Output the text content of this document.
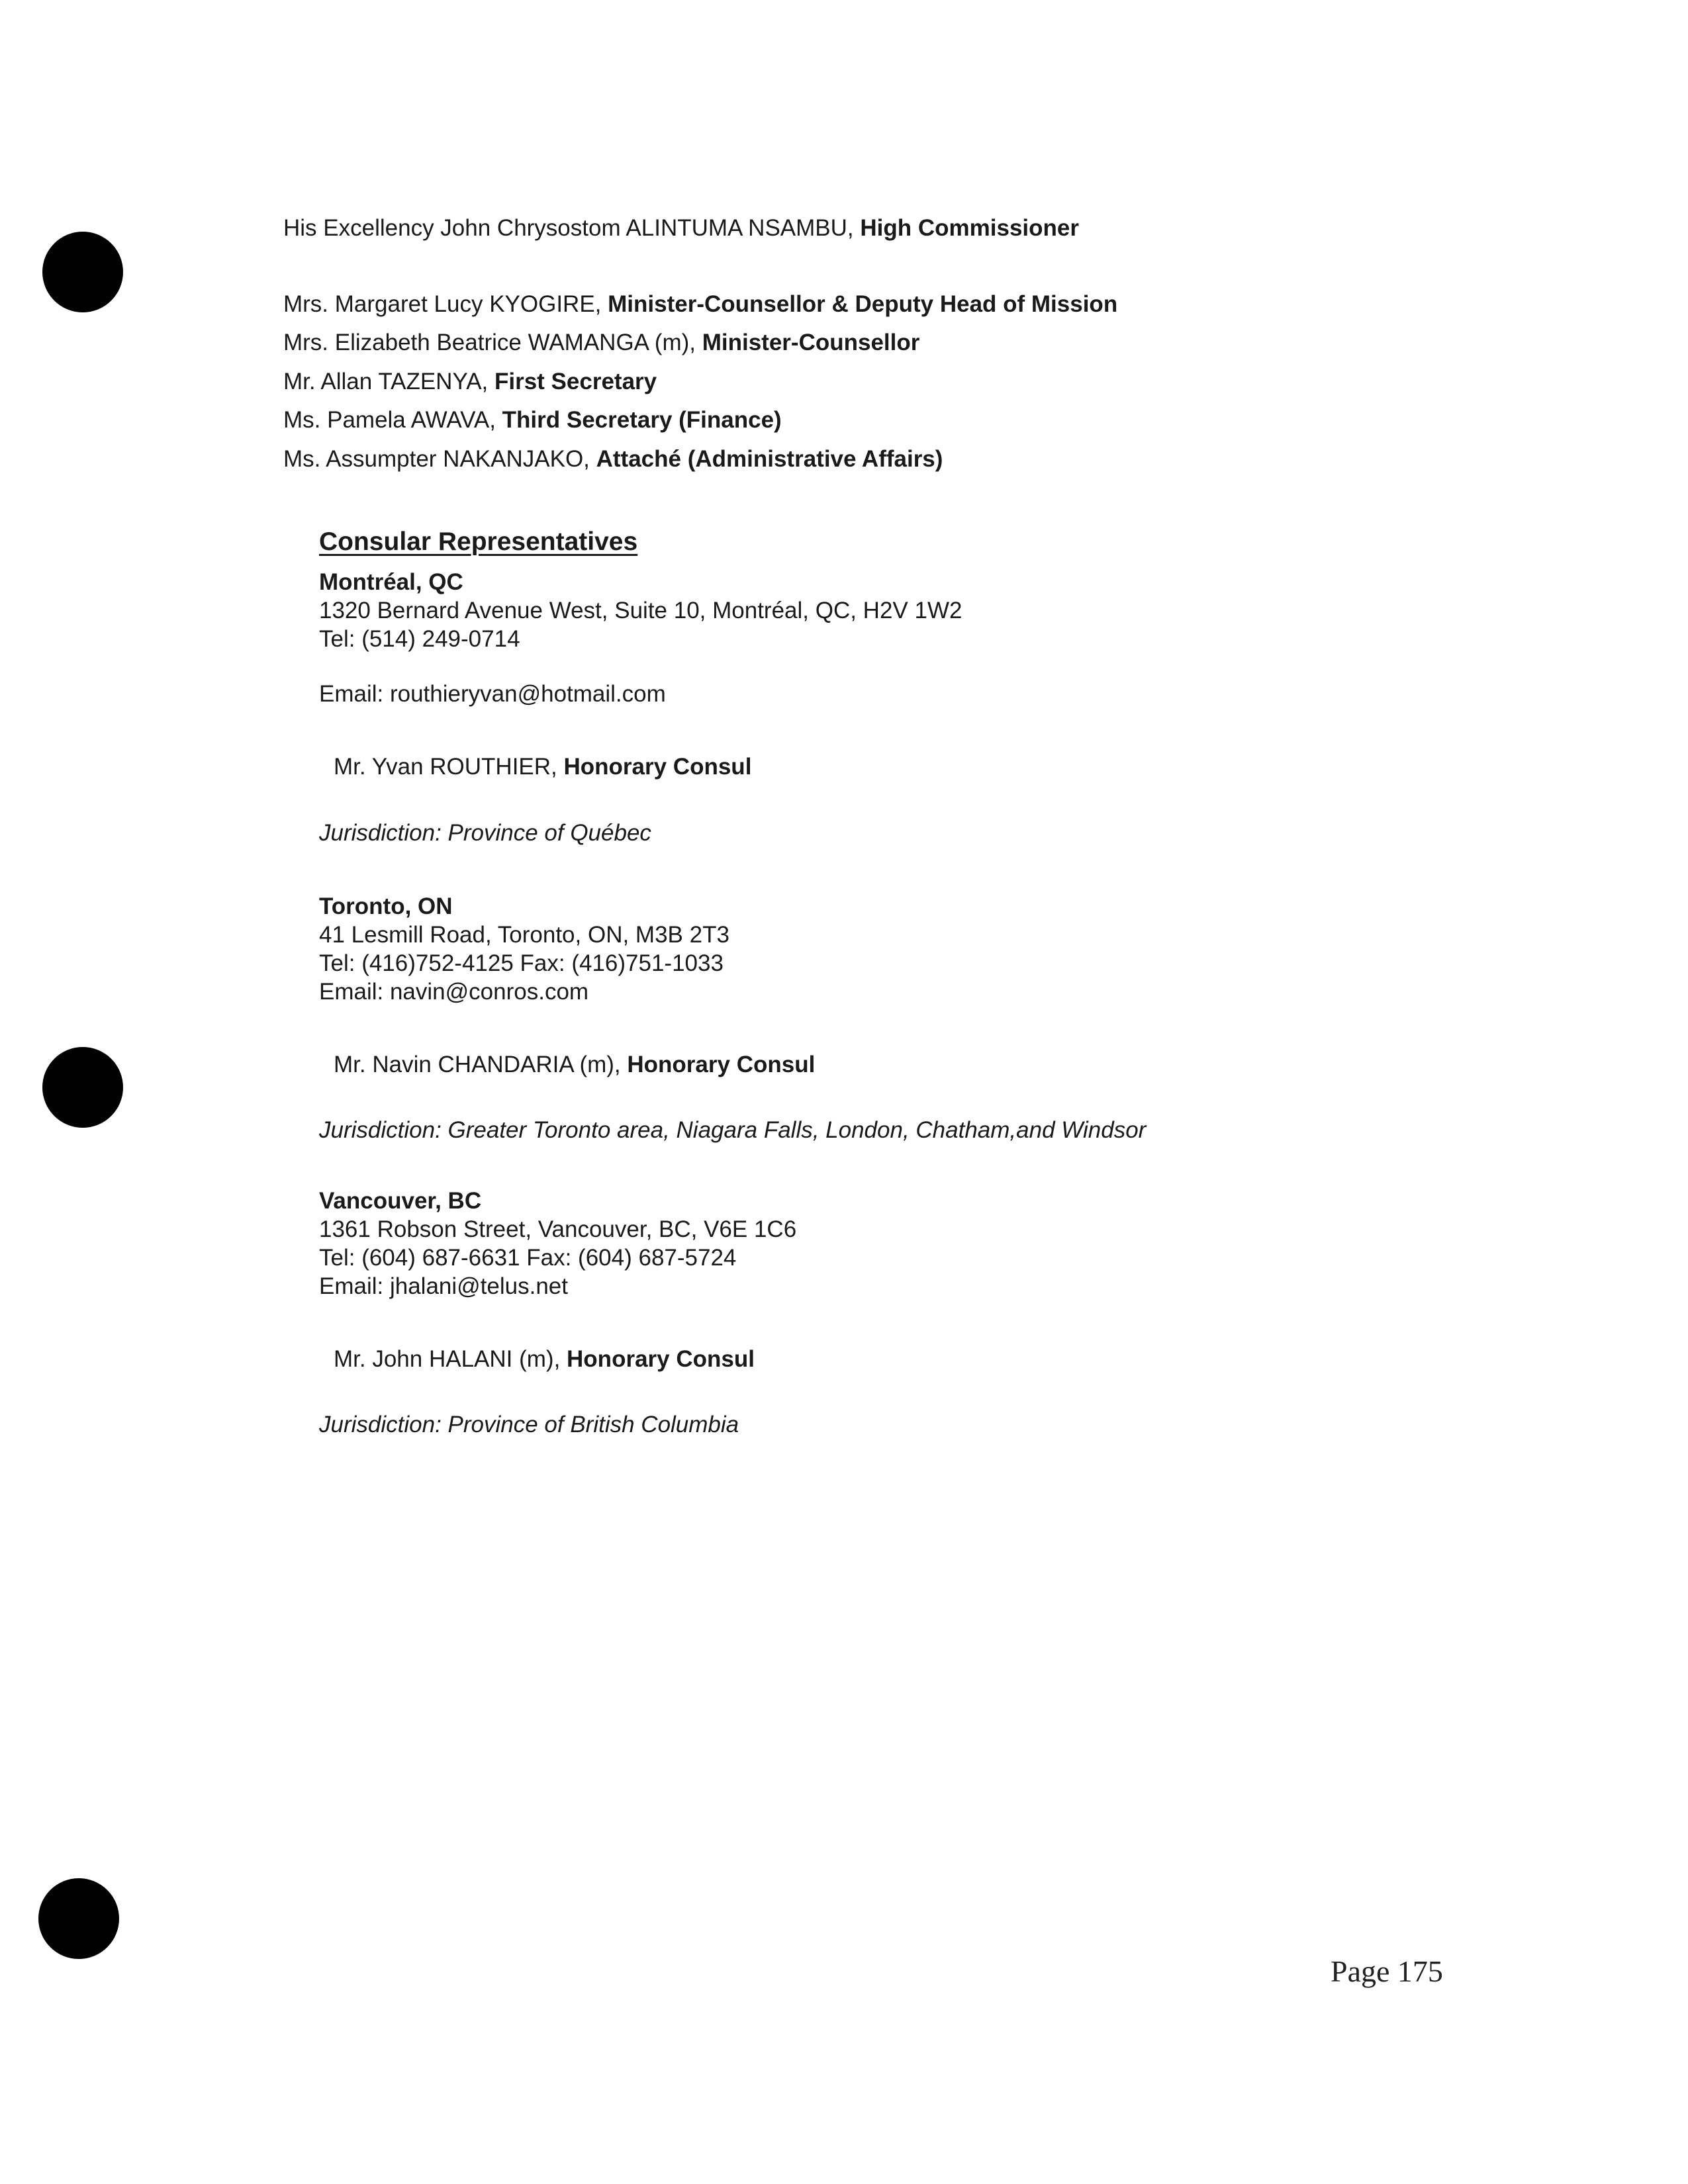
His Excellency John Chrysostom ALINTUMA NSAMBU, High Commissioner
Mrs. Margaret Lucy KYOGIRE, Minister-Counsellor & Deputy Head of Mission
Mrs. Elizabeth Beatrice WAMANGA (m), Minister-Counsellor
Mr. Allan TAZENYA, First Secretary
Ms. Pamela AWAVA, Third Secretary (Finance)
Ms. Assumpter NAKANJAKO, Attaché (Administrative Affairs)
Consular Representatives
Montréal, QC
1320 Bernard Avenue West, Suite 10, Montréal, QC, H2V 1W2
Tel: (514) 249-0714
Email: routhieryvan@hotmail.com
Mr. Yvan ROUTHIER, Honorary Consul
Jurisdiction: Province of Québec
Toronto, ON
41 Lesmill Road, Toronto, ON, M3B 2T3
Tel: (416)752-4125 Fax: (416)751-1033
Email: navin@conros.com
Mr. Navin CHANDARIA (m), Honorary Consul
Jurisdiction: Greater Toronto area, Niagara Falls, London, Chatham,and Windsor
Vancouver, BC
1361 Robson Street, Vancouver, BC, V6E 1C6
Tel: (604) 687-6631 Fax: (604) 687-5724
Email: jhalani@telus.net
Mr. John HALANI (m), Honorary Consul
Jurisdiction: Province of British Columbia
Page 175
